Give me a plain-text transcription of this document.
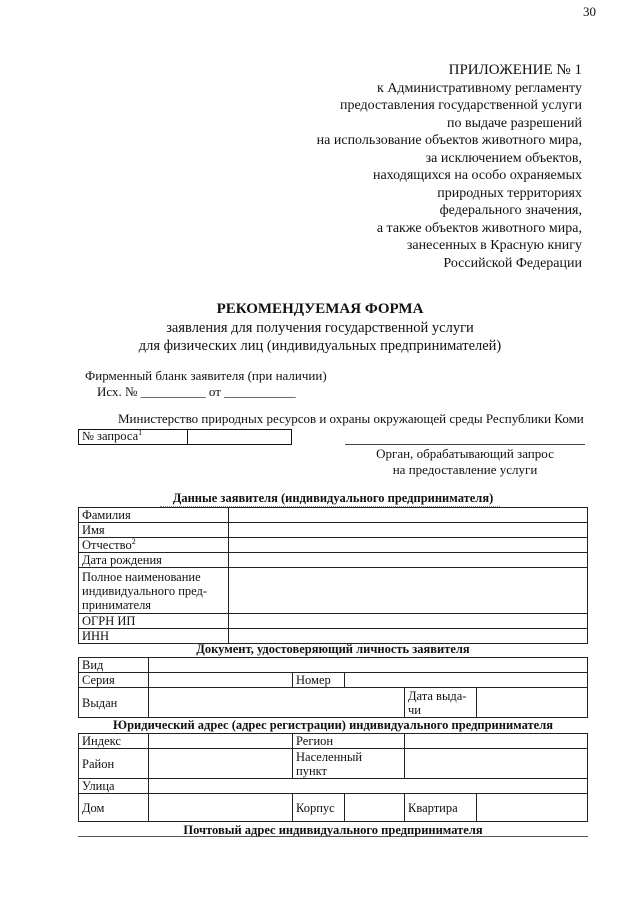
30
ПРИЛОЖЕНИЕ № 1
к Административному регламенту
предоставления государственной услуги
по выдаче разрешений
на использование объектов животного мира,
за исключением объектов,
находящихся на особо охраняемых
природных территориях
федерального значения,
а также объектов животного мира,
занесенных в Красную книгу
Российской Федерации
РЕКОМЕНДУЕМАЯ ФОРМА
заявления для получения государственной услуги
для физических лиц (индивидуальных предпринимателей)
Фирменный бланк заявителя (при наличии)
Исх. № __________ от ___________
Министерство природных ресурсов и охраны окружающей среды Республики Коми
№ запроса$^1$
Орган, обрабатывающий запрос
на предоставление услуги
Данные заявителя (индивидуального предпринимателя)
Фамилия	
Имя	
Отчество$^2$	
Дата рождения	

Полное наименование
индивидуального пред-
принимателя	

ОГРН ИП	
ИНН	
Документ, удостоверяющий личность заявителя
Вид					
Серия		Номер			
Выдан				Дата выда-
чи	

Юридический адрес (адрес регистрации) индивидуального предпринимателя
Индекс		Регион			
Район		Населенный
пункт			

Улица					
Дом		Корпус		Квартира	
Почтовый адрес индивидуального предпринимателя
